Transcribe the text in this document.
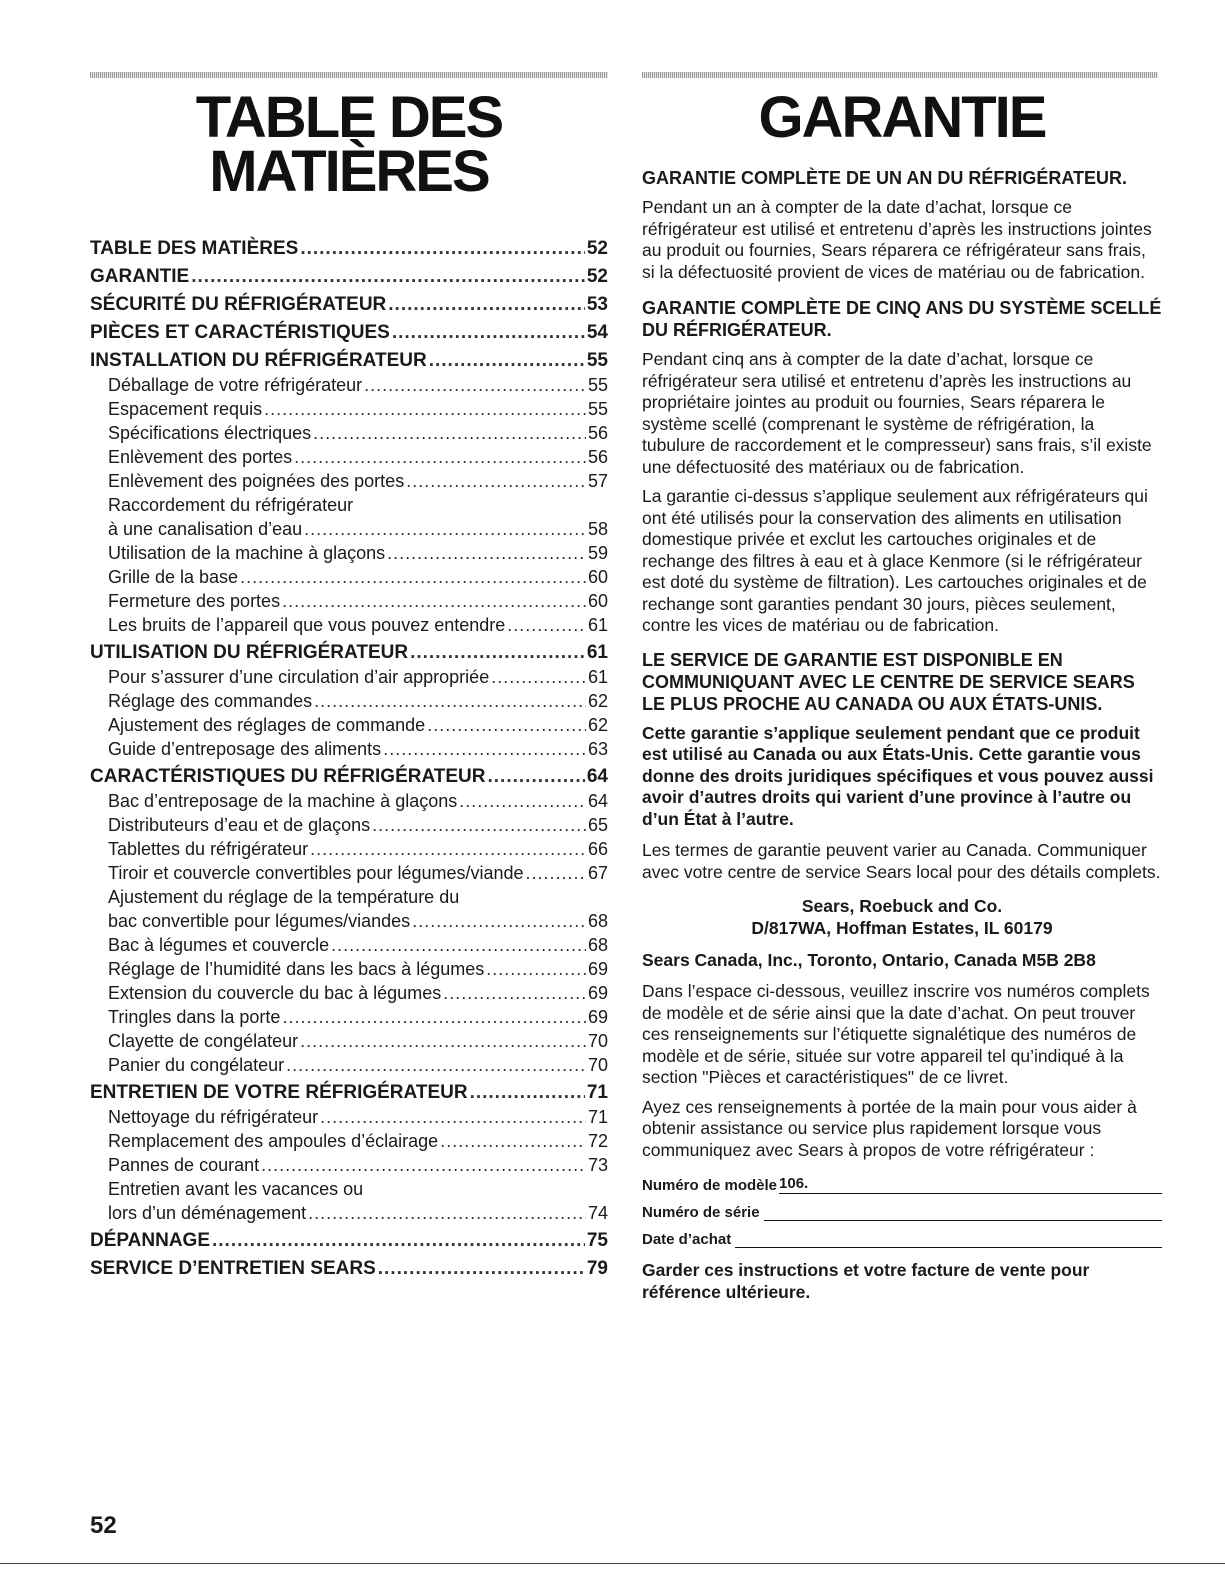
TABLE DES
MATIÈRES
TABLE DES MATIÈRES .....	52
GARANTIE .....	52
SÉCURITÉ DU RÉFRIGÉRATEUR .....	53
PIÈCES ET CARACTÉRISTIQUES .....	54
INSTALLATION DU RÉFRIGÉRATEUR .....	55
Déballage de votre réfrigérateur .....	55
Espacement requis .....	55
Spécifications électriques .....	56
Enlèvement des portes .....	56
Enlèvement des poignées des portes .....	57
Raccordement du réfrigérateur
à une canalisation d’eau .....	58
Utilisation de la machine à glaçons .....	59
Grille de la base .....	60
Fermeture des portes .....	60
Les bruits de l’appareil que vous pouvez entendre .....	61
UTILISATION DU RÉFRIGÉRATEUR .....	61
Pour s’assurer d’une circulation d’air appropriée .....	61
Réglage des commandes .....	62
Ajustement des réglages de commande .....	62
Guide d’entreposage des aliments .....	63
CARACTÉRISTIQUES DU RÉFRIGÉRATEUR .....	64
Bac d’entreposage de la machine à glaçons .....	64
Distributeurs d’eau et de glaçons .....	65
Tablettes du réfrigérateur .....	66
Tiroir et couvercle convertibles pour légumes/viande .....	67
Ajustement du réglage de la température du
bac convertible pour légumes/viandes .....	68
Bac à légumes et couvercle .....	68
Réglage de l’humidité dans les bacs à légumes .....	69
Extension du couvercle du bac à légumes .....	69
Tringles dans la porte .....	69
Clayette de congélateur .....	70
Panier du congélateur .....	70
ENTRETIEN DE VOTRE RÉFRIGÉRATEUR .....	71
Nettoyage du réfrigérateur .....	71
Remplacement des ampoules d’éclairage .....	72
Pannes de courant .....	73
Entretien avant les vacances ou
lors d’un déménagement .....	74
DÉPANNAGE .....	75
SERVICE D’ENTRETIEN SEARS .....	79
GARANTIE
GARANTIE COMPLÈTE DE UN AN DU RÉFRIGÉRATEUR.

Pendant un an à compter de la date d’achat, lorsque ce réfrigérateur est utilisé et entretenu d’après les instructions jointes au produit ou fournies, Sears réparera ce réfrigérateur sans frais, si la défectuosité provient de vices de matériau ou de fabrication.

GARANTIE COMPLÈTE DE CINQ ANS DU SYSTÈME SCELLÉ DU RÉFRIGÉRATEUR.

Pendant cinq ans à compter de la date d’achat, lorsque ce réfrigérateur sera utilisé et entretenu d’après les instructions au propriétaire jointes au produit ou fournies, Sears réparera le système scellé (comprenant le système de réfrigération, la tubulure de raccordement et le compresseur) sans frais, s’il existe une défectuosité des matériaux ou de fabrication.

La garantie ci-dessus s’applique seulement aux réfrigérateurs qui ont été utilisés pour la conservation des aliments en utilisation domestique privée et exclut les cartouches originales et de rechange des filtres à eau et à glace Kenmore (si le réfrigérateur est doté du système de filtration). Les cartouches originales et de rechange sont garanties pendant 30 jours, pièces seulement, contre les vices de matériau ou de fabrication.

LE SERVICE DE GARANTIE EST DISPONIBLE EN COMMUNIQUANT AVEC LE CENTRE DE SERVICE SEARS LE PLUS PROCHE AU CANADA OU AUX ÉTATS-UNIS.

Cette garantie s’applique seulement pendant que ce produit est utilisé au Canada ou aux États-Unis. Cette garantie vous donne des droits juridiques spécifiques et vous pouvez aussi avoir d’autres droits qui varient d’une province à l’autre ou d’un État à l’autre.

Les termes de garantie peuvent varier au Canada. Communiquer avec votre centre de service Sears local pour des détails complets.

Sears, Roebuck and Co.
D/817WA, Hoffman Estates, IL 60179
Sears Canada, Inc., Toronto, Ontario, Canada M5B 2B8

Dans l’espace ci-dessous, veuillez inscrire vos numéros complets de modèle et de série ainsi que la date d’achat. On peut trouver ces renseignements sur l’étiquette signalétique des numéros de modèle et de série, située sur votre appareil tel qu’indiqué à la section "Pièces et caractéristiques" de ce livret.

Ayez ces renseignements à portée de la main pour vous aider à obtenir assistance ou service plus rapidement lorsque vous communiquez avec Sears à propos de votre réfrigérateur :

Numéro de modèle 106.
Numéro de série
Date d’achat

Garder ces instructions et votre facture de vente pour référence ultérieure.

52
